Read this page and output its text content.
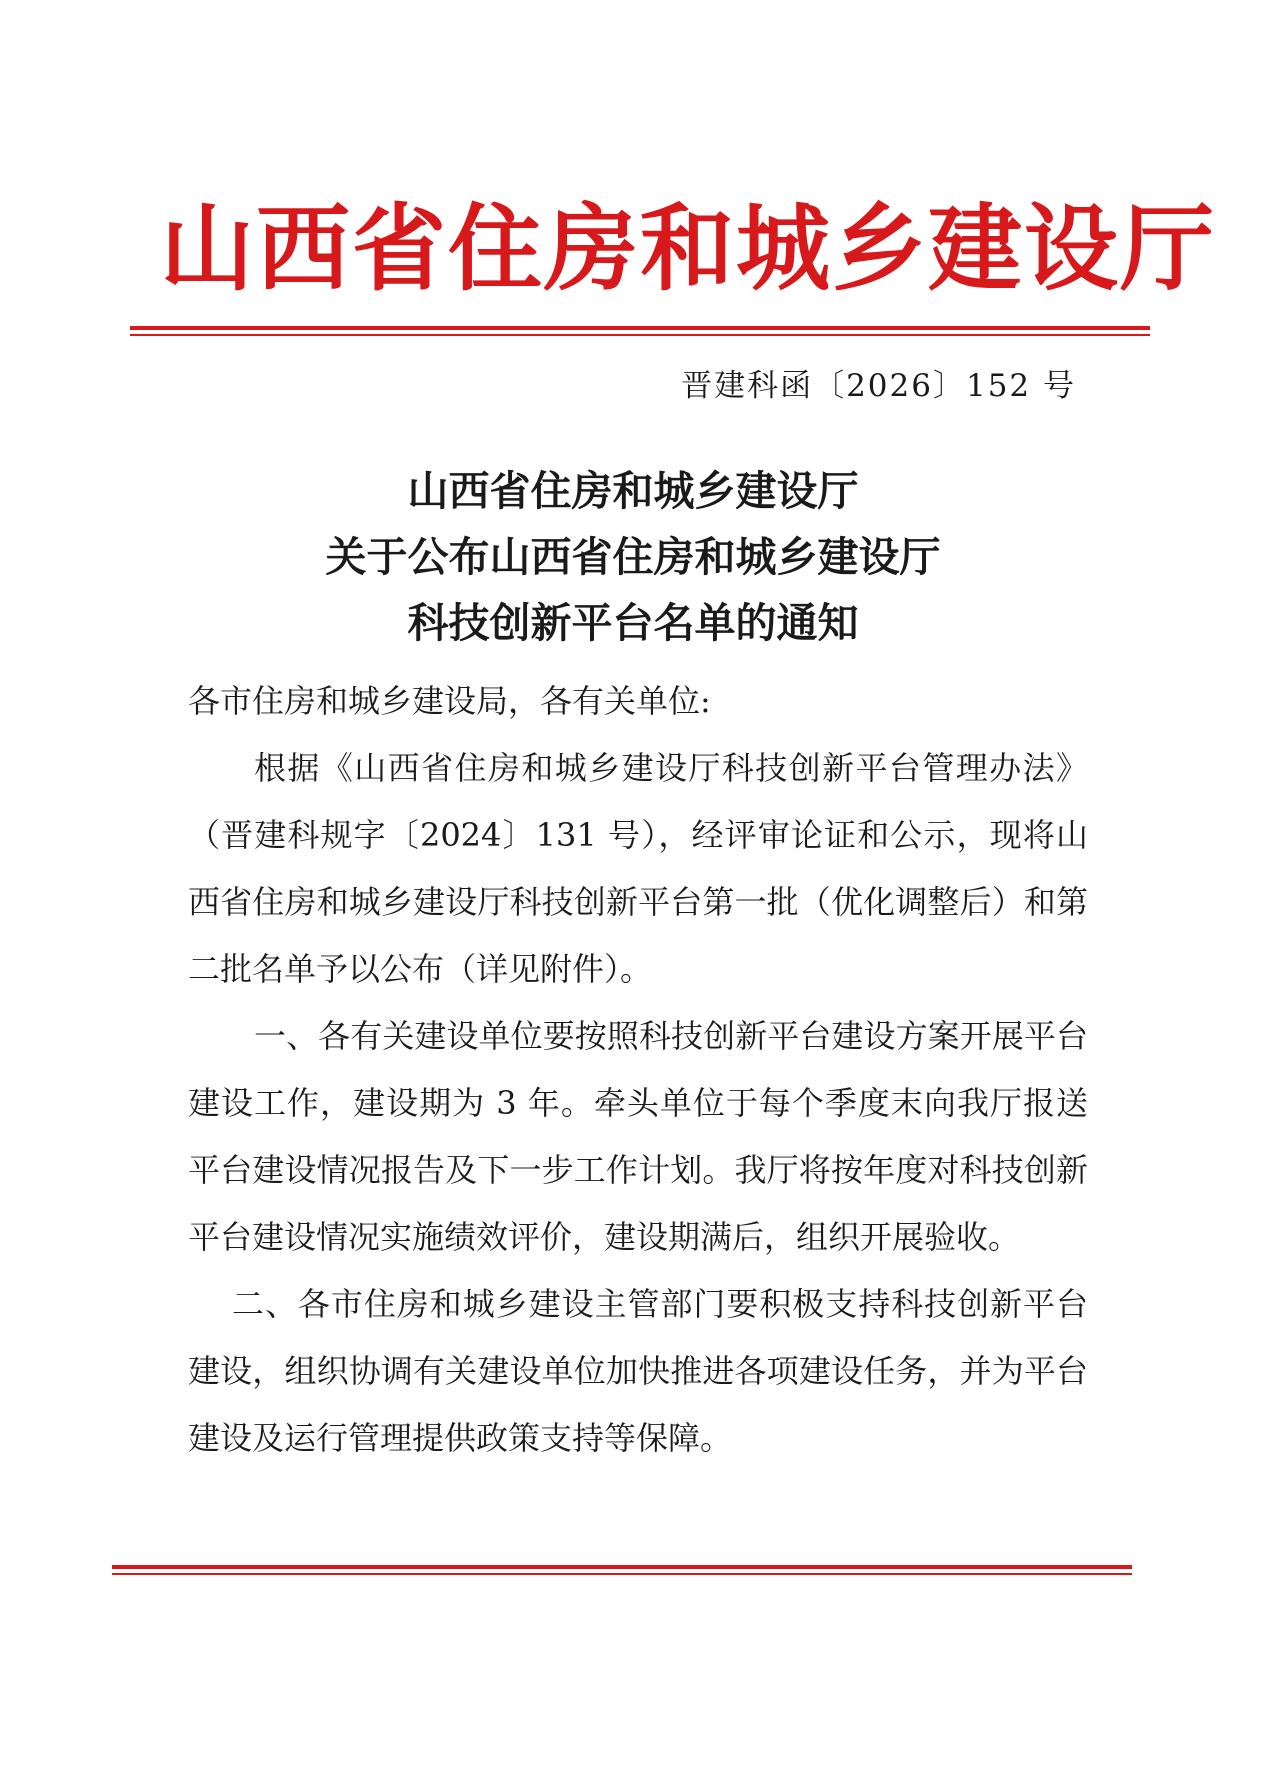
山西省住房和城乡建设厅
晋建科函〔2026〕152 号
山西省住房和城乡建设厅
关于公布山西省住房和城乡建设厅
科技创新平台名单的通知

各市住房和城乡建设局，各有关单位:

根据《山西省住房和城乡建设厅科技创新平台管理办法》（晋建科规字〔2024〕131 号），经评审论证和公示，现将山西省住房和城乡建设厅科技创新平台第一批（优化调整后）和第二批名单予以公布（详见附件）。

一、各有关建设单位要按照科技创新平台建设方案开展平台建设工作，建设期为 3 年。牵头单位于每个季度末向我厅报送平台建设情况报告及下一步工作计划。我厅将按年度对科技创新平台建设情况实施绩效评价，建设期满后，组织开展验收。

二、各市住房和城乡建设主管部门要积极支持科技创新平台建设，组织协调有关建设单位加快推进各项建设任务，并为平台建设及运行管理提供政策支持等保障。
